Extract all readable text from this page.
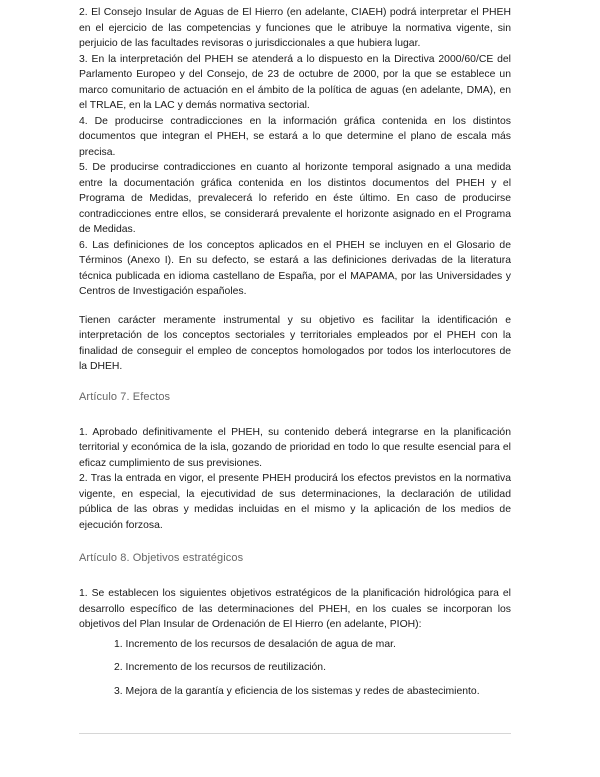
2. El Consejo Insular de Aguas de El Hierro (en adelante, CIAEH) podrá interpretar el PHEH en el ejercicio de las competencias y funciones que le atribuye la normativa vigente, sin perjuicio de las facultades revisoras o jurisdiccionales a que hubiera lugar.

3. En la interpretación del PHEH se atenderá a lo dispuesto en la Directiva 2000/60/CE del Parlamento Europeo y del Consejo, de 23 de octubre de 2000, por la que se establece un marco comunitario de actuación en el ámbito de la política de aguas (en adelante, DMA), en el TRLAE, en la LAC y demás normativa sectorial.

4. De producirse contradicciones en la información gráfica contenida en los distintos documentos que integran el PHEH, se estará a lo que determine el plano de escala más precisa.

5. De producirse contradicciones en cuanto al horizonte temporal asignado a una medida entre la documentación gráfica contenida en los distintos documentos del PHEH y el Programa de Medidas, prevalecerá lo referido en éste último. En caso de producirse contradicciones entre ellos, se considerará prevalente el horizonte asignado en el Programa de Medidas.

6. Las definiciones de los conceptos aplicados en el PHEH se incluyen en el Glosario de Términos (Anexo I). En su defecto, se estará a las definiciones derivadas de la literatura técnica publicada en idioma castellano de España, por el MAPAMA, por las Universidades y Centros de Investigación españoles.

Tienen carácter meramente instrumental y su objetivo es facilitar la identificación e interpretación de los conceptos sectoriales y territoriales empleados por el PHEH con la finalidad de conseguir el empleo de conceptos homologados por todos los interlocutores de la DHEH.

Artículo 7. Efectos

1. Aprobado definitivamente el PHEH, su contenido deberá integrarse en la planificación territorial y económica de la isla, gozando de prioridad en todo lo que resulte esencial para el eficaz cumplimiento de sus previsiones.

2. Tras la entrada en vigor, el presente PHEH producirá los efectos previstos en la normativa vigente, en especial, la ejecutividad de sus determinaciones, la declaración de utilidad pública de las obras y medidas incluidas en el mismo y la aplicación de los medios de ejecución forzosa.

Artículo 8. Objetivos estratégicos

1. Se establecen los siguientes objetivos estratégicos de la planificación hidrológica para el desarrollo específico de las determinaciones del PHEH, en los cuales se incorporan los objetivos del Plan Insular de Ordenación de El Hierro (en adelante, PIOH):

1. Incremento de los recursos de desalación de agua de mar.
2. Incremento de los recursos de reutilización.
3. Mejora de la garantía y eficiencia de los sistemas y redes de abastecimiento.
